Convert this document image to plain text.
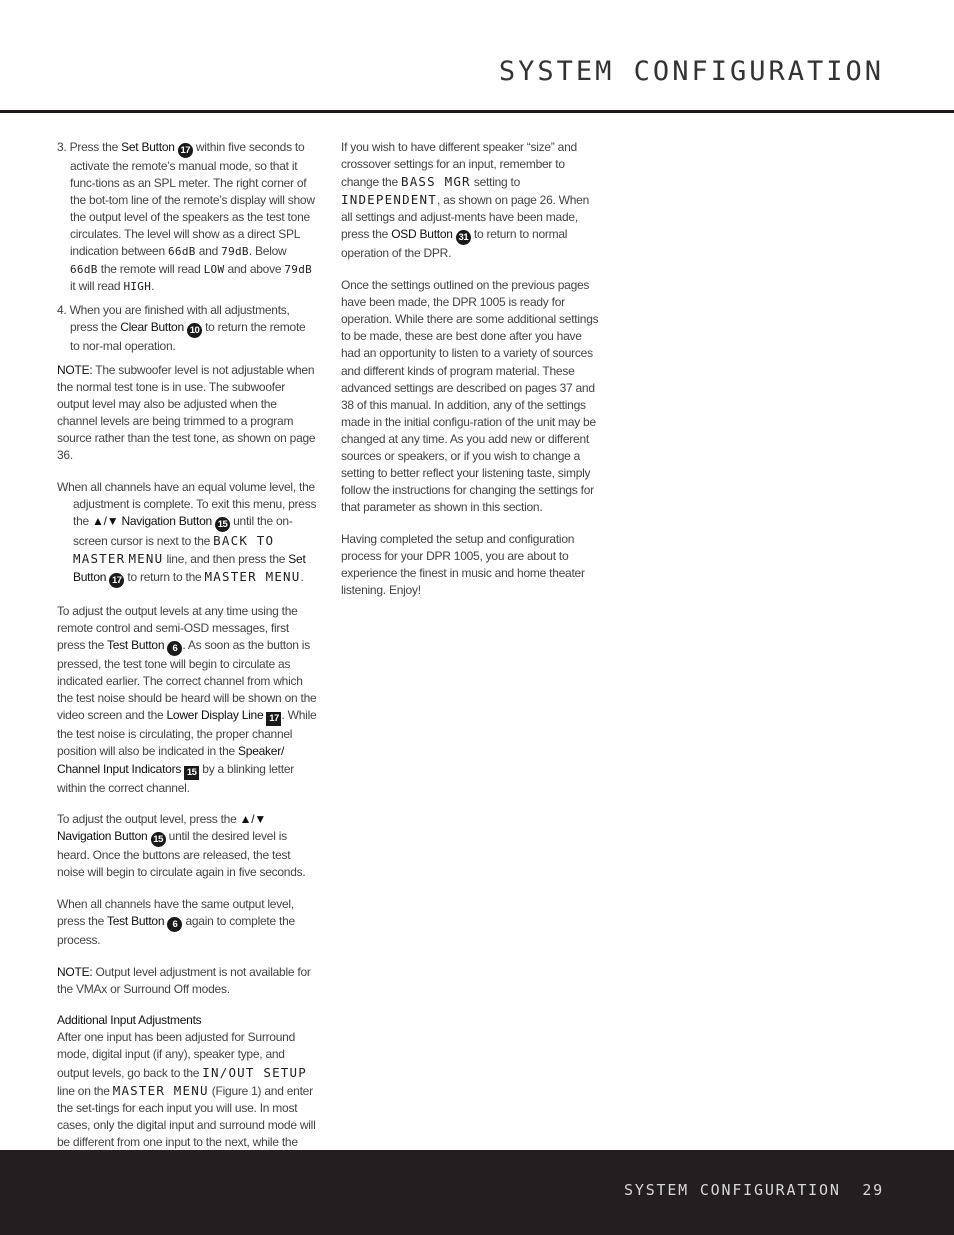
SYSTEM CONFIGURATION

3. Press the Set Button 17 within five seconds to activate the remote’s manual mode, so that it func-tions as an SPL meter. The right corner of the bot-tom line of the remote’s display will show the output level of the speakers as the test tone circulates. The level will show as a direct SPL indication between 66dB and 79dB. Below 66dB the remote will read LOW and above 79dB it will read HIGH.

4. When you are finished with all adjustments, press the Clear Button 10 to return the remote to nor-mal operation.

NOTE: The subwoofer level is not adjustable when the normal test tone is in use. The subwoofer output level may also be adjusted when the channel levels are being trimmed to a program source rather than the test tone, as shown on page 36.

When all channels have an equal volume level, the adjustment is complete. To exit this menu, press the ▲/▼ Navigation Button 15 until the on-screen cursor is next to the BACK TO MASTER MENU line, and then press the Set Button 17 to return to the MASTER MENU.

To adjust the output levels at any time using the remote control and semi-OSD messages, first press the Test Button 6 . As soon as the button is pressed, the test tone will begin to circulate as indicated earlier. The correct channel from which the test noise should be heard will be shown on the video screen and the Lower Display Line 17 . While the test noise is circulating, the proper channel position will also be indicated in the Speaker/ Channel Input Indicators 15 by a blinking letter within the correct channel.

To adjust the output level, press the ▲/▼
Navigation Button 15 until the desired level is heard. Once the buttons are released, the test noise will begin to circulate again in five seconds.

When all channels have the same output level, press the Test Button 6 again to complete the process.

NOTE: Output level adjustment is not available for the VMAx or Surround Off modes.

Additional Input Adjustments

After one input has been adjusted for Surround mode, digital input (if any), speaker type, and output levels, go back to the IN/OUT SETUP line on the MASTER MENU (Figure 1) and enter the set-tings for each input you will use. In most cases, only the digital input and surround mode will be different from one input to the next, while the

If you wish to have different speaker “size” and crossover settings for an input, remember to change the BASS MGR setting to INDEPENDENT, as shown on page 26. When all settings and adjust-ments have been made, press the OSD Button 31 to return to normal operation of the DPR.

Once the settings outlined on the previous pages have been made, the DPR 1005 is ready for operation. While there are some additional settings to be made, these are best done after you have had an opportunity to listen to a variety of sources and different kinds of program material. These advanced settings are described on pages 37 and 38 of this manual. In addition, any of the settings made in the initial configu-ration of the unit may be changed at any time. As you add new or different sources or speakers, or if you wish to change a setting to better reflect your listening taste, simply follow the instructions for changing the settings for that parameter as shown in this section.

Having completed the setup and configuration process for your DPR 1005, you are about to experience the finest in music and home theater listening. Enjoy!

SYSTEM CONFIGURATION 29
